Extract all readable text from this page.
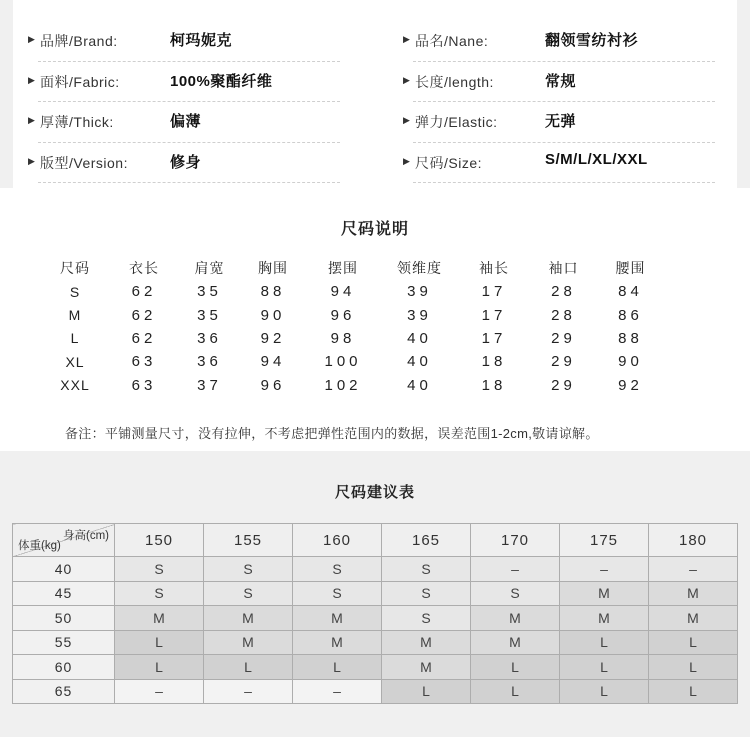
▶ 品牌/Brand:	柯玛妮克
▶ 面料/Fabric:	100%聚酯纤维
▶ 厚薄/Thick:	偏薄
▶ 版型/Version:	修身
▶ 品名/Nane:	翻领雪纺衬衫
▶ 长度/length:	常规
▶ 弹力/Elastic:	无弹
▶ 尺码/Size:	S/M/L/XL/XXL
尺码说明
尺码	衣长	肩宽	胸围	摆围	领维度	袖长	袖口	腰围
S	62	35	88	94	39	17	28	84
M	62	35	90	96	39	17	28	86
L	62	36	92	98	40	17	29	88
XL	63	36	94	100	40	18	29	90
XXL	63	37	96	102	40	18	29	92
备注：平铺测量尺寸，没有拉伸，不考虑把弹性范围内的数据，误差范围1-2cm,敬请谅解。
尺码建议表
身高(cm)
体重(kg)	150	155	160	165	170	175	180
40	S	S	S	S	–	–	–
45	S	S	S	S	S	M	M
50	M	M	M	S	M	M	M
55	L	M	M	M	M	L	L
60	L	L	L	M	L	L	L
65	–	–	–	L	L	L	L
